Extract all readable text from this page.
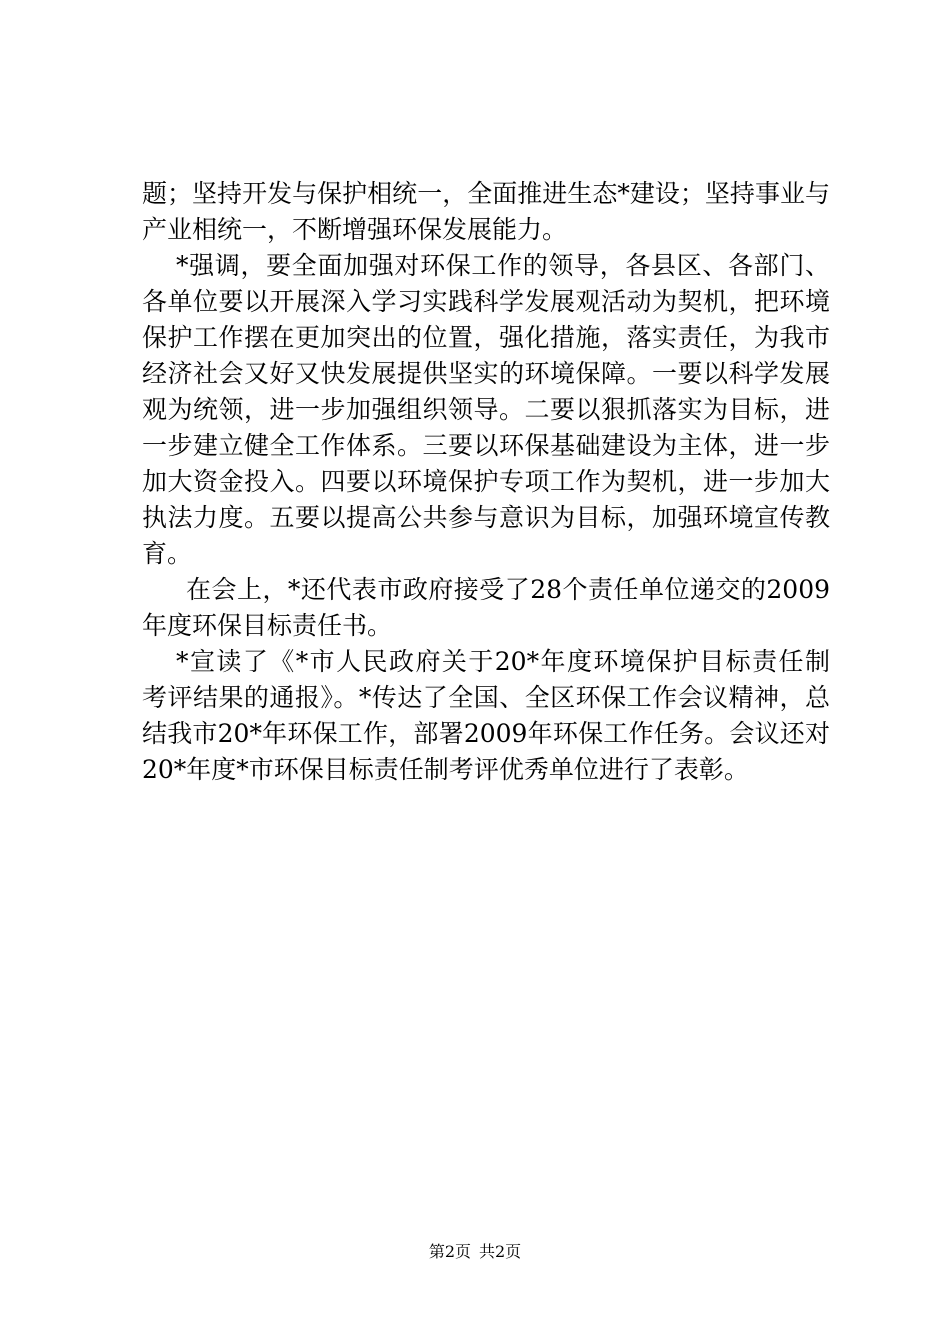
题；坚持开发与保护相统一，全面推进生态*建设；坚持事业与
产业相统一，不断增强环保发展能力。
*强调，要全面加强对环保工作的领导，各县区、各部门、
各单位要以开展深入学习实践科学发展观活动为契机，把环境
保护工作摆在更加突出的位置，强化措施，落实责任，为我市
经济社会又好又快发展提供坚实的环境保障。一要以科学发展
观为统领，进一步加强组织领导。二要以狠抓落实为目标，进
一步建立健全工作体系。三要以环保基础建设为主体，进一步
加大资金投入。四要以环境保护专项工作为契机，进一步加大
执法力度。五要以提高公共参与意识为目标，加强环境宣传教
育。
在会上，*还代表市政府接受了28个责任单位递交的2009
年度环保目标责任书。
*宣读了《*市人民政府关于20*年度环境保护目标责任制
考评结果的通报》。*传达了全国、全区环保工作会议精神，总
结我市20*年环保工作，部署2009年环保工作任务。会议还对
20*年度*市环保目标责任制考评优秀单位进行了表彰。
第2页 共2页
